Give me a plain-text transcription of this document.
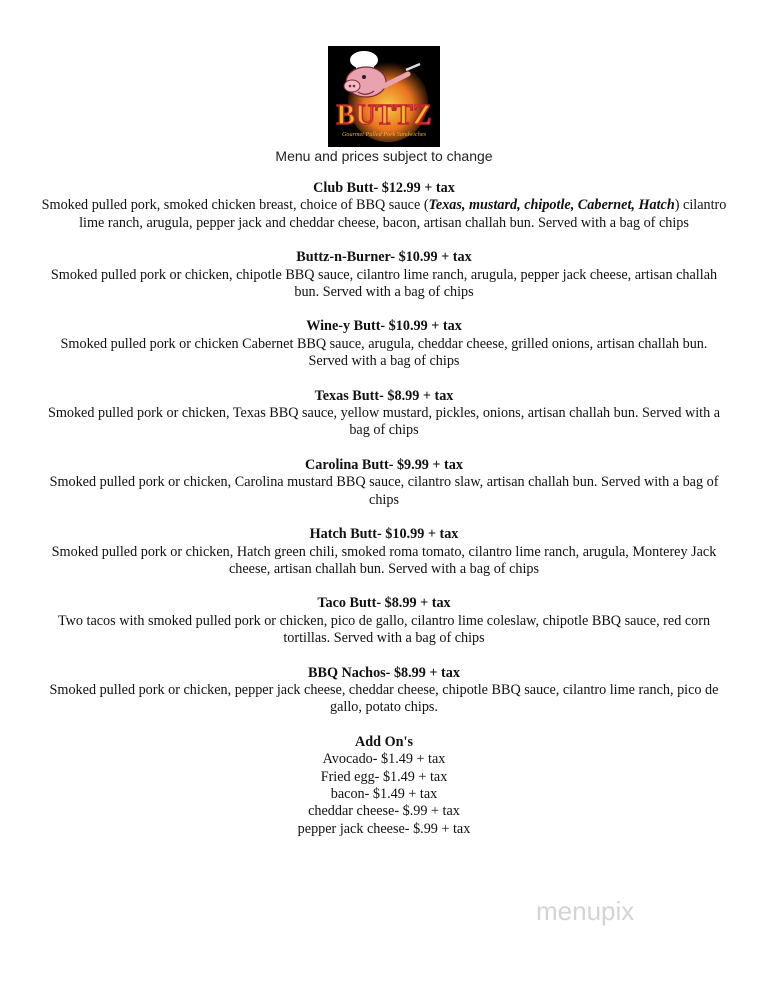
BUTTZ
Gourmet Pulled Pork Sandwiches
Menu and prices subject to change
Club Butt- $12.99 + tax
Smoked pulled pork, smoked chicken breast, choice of BBQ sauce (Texas, mustard, chipotle, Cabernet, Hatch) cilantro lime ranch, arugula, pepper jack and cheddar cheese, bacon, artisan challah bun. Served with a bag of chips
Buttz-n-Burner- $10.99 + tax
Smoked pulled pork or chicken, chipotle BBQ sauce, cilantro lime ranch, arugula, pepper jack cheese, artisan challah bun. Served with a bag of chips
Wine-y Butt- $10.99 + tax
Smoked pulled pork or chicken Cabernet BBQ sauce, arugula, cheddar cheese, grilled onions, artisan challah bun. Served with a bag of chips
Texas Butt- $8.99 + tax
Smoked pulled pork or chicken, Texas BBQ sauce, yellow mustard, pickles, onions, artisan challah bun. Served with a bag of chips
Carolina Butt- $9.99 + tax
Smoked pulled pork or chicken, Carolina mustard BBQ sauce, cilantro slaw, artisan challah bun. Served with a bag of chips
Hatch Butt- $10.99 + tax
Smoked pulled pork or chicken, Hatch green chili, smoked roma tomato, cilantro lime ranch, arugula, Monterey Jack cheese, artisan challah bun. Served with a bag of chips
Taco Butt- $8.99 + tax
Two tacos with smoked pulled pork or chicken, pico de gallo, cilantro lime coleslaw, chipotle BBQ sauce, red corn tortillas. Served with a bag of chips
BBQ Nachos- $8.99 + tax
Smoked pulled pork or chicken, pepper jack cheese, cheddar cheese, chipotle BBQ sauce, cilantro lime ranch, pico de gallo, potato chips.
Add On's
Avocado- $1.49 + tax
Fried egg- $1.49 + tax
bacon- $1.49 + tax
cheddar cheese- $.99 + tax
pepper jack cheese- $.99 + tax
menupix
